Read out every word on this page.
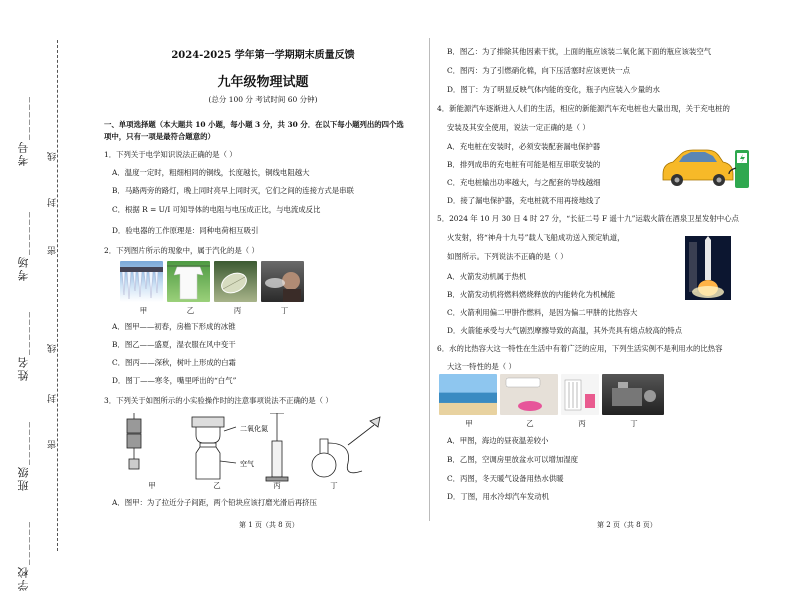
学校______
班级______
姓名______
考场______
考号______
密
封
线
密
封
线
2024-2025 学年第一学期期末质量反馈
九年级物理试题
(总分 100 分 考试时间 60 分钟)
一、单项选择题（本大题共 10 小题，每小题 3 分，共 30 分．在以下每小题列出的四个选
项中，只有一项是最符合题意的）
1．下列关于电学知识说法正确的是（ ）
A．温度一定时，粗细相同的铜线，长度越长，铜线电阻越大
B．马路两旁的路灯，晚上同时亮早上同时灭，它们之间的连接方式是串联
C．根据 R = U/I 可知导体的电阻与电压成正比，与电流成反比
D．验电器的工作原理是：同种电荷相互吸引
2．下列图片所示的现象中，属于汽化的是（ ）
甲	乙	丙	丁
A．图甲——初春，房檐下形成的冰锥
B．图乙——盛夏，湿衣服在风中变干
C．图丙——深秋，树叶上形成的白霜
D．图丁——寒冬，嘴里呼出的“白气”
3．下列关于如图所示的小实验操作时的注意事项说法不正确的是（ ）
二氧化氮
空气
甲	乙	丙	丁
A．图甲：为了拉近分子间距，两个铅块应该打磨光滑后再挤压
第 1 页（共 8 页）
B．图乙：为了排除其他因素干扰，上面的瓶应该装二氧化氮下面的瓶应该装空气
C．图丙：为了引燃硝化棉，向下压活塞时应该更快一点
D．图丁：为了明显反映气体内能的变化，瓶子内应装入少量的水
4．新能源汽车逐渐进入人们的生活，相应的新能源汽车充电桩也大量出现，关于充电桩的
安装及其安全使用，说法一定正确的是（ ）
A．充电桩在安装时，必须安装配套漏电保护器
B．排列成串的充电桩有可能是相互串联安装的
C．充电桩输出功率越大，与之配套的导线越细
D．接了漏电保护器，充电桩就不用再接地线了
5．2024 年 10 月 30 日 4 时 27 分，“长征二号 F 遥十九”运载火箭在酒泉卫星发射中心点
火发射，将“神舟十九号”载人飞船成功送入预定轨道，
如图所示。下列说法不正确的是（ ）
A．火箭发动机属于热机
B．火箭发动机将燃料燃烧释放的内能转化为机械能
C．火箭利用偏二甲肼作燃料，是因为偏二甲肼的比热容大
D．火箭能承受与大气剧烈摩擦导致的高温，其外壳具有熔点较高的特点
6．水的比热容大这一特性在生活中有着广泛的应用，下列生活实例不是利用水的比热容
大这一特性的是（ ）
甲	乙	丙	丁
A．甲图，海边的昼夜温差较小
B．乙图，空调房里放盆水可以增加湿度
C．丙图，冬天暖气设备用热水供暖
D．丁图，用水冷却汽车发动机
第 2 页（共 8 页）
